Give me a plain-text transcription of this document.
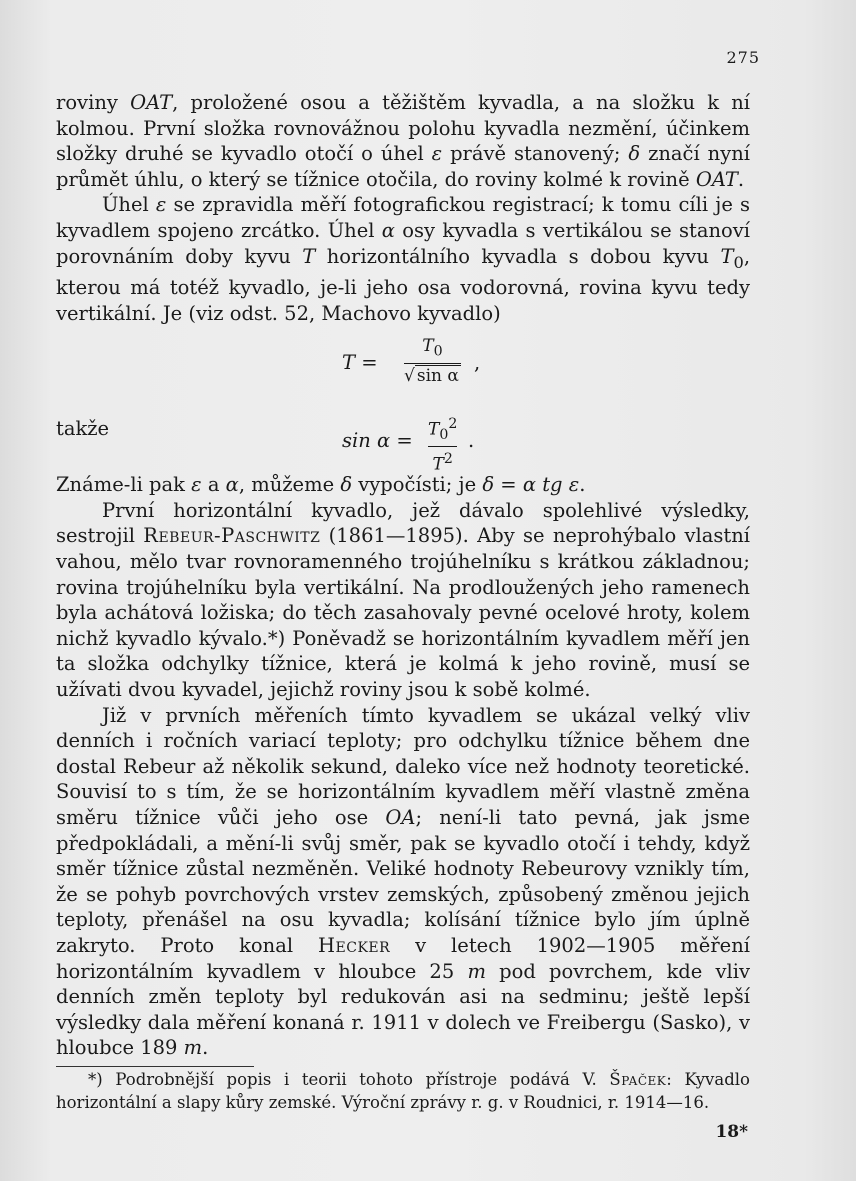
275

roviny OAT, proložené osou a těžištěm kyvadla, a na složku k ní kolmou. První složka rovnovážnou polohu kyvadla nezmění, účinkem složky druhé se kyvadlo otočí o úhel ε právě stanovený; δ značí nyní průmět úhlu, o který se tížnice otočila, do roviny kolmé k rovině OAT.

Úhel ε se zpravidla měří fotografickou registrací; k tomu cíli je s kyvadlem spojeno zrcátko. Úhel α osy kyvadla s vertikálou se stanoví porovnáním doby kyvu T horizontálního kyvadla s dobou kyvu $T_0$, kterou má totéž kyvadlo, je-li jeho osa vodorovná, rovina kyvu tedy vertikální. Je (viz odst. 52, Machovo kyvadlo)

T =
$T_0$
√ sin α
,
takže
$\sin \alpha = T_0^2$
$T^2$
.

Známe-li pak ε a α, můžeme δ vypočísti; je δ = α tg ε.

První horizontální kyvadlo, jež dávalo spolehlivé výsledky, sestrojil Rebeur-Paschwitz (1861—1895). Aby se neprohýbalo vlastní vahou, mělo tvar rovnoramenného trojúhelníku s krátkou základnou; rovina trojúhelníku byla vertikální. Na prodloužených jeho ramenech byla achátová ložiska; do těch zasahovaly pevné ocelové hroty, kolem nichž kyvadlo kývalo.*) Poněvadž se horizontálním kyvadlem měří jen ta složka odchylky tížnice, která je kolmá k jeho rovině, musí se užívati dvou kyvadel, jejichž roviny jsou k sobě kolmé.

Již v prvních měřeních tímto kyvadlem se ukázal velký vliv denních i ročních variací teploty; pro odchylku tížnice během dne dostal Rebeur až několik sekund, daleko více než hodnoty teoretické. Souvisí to s tím, že se horizontálním kyvadlem měří vlastně změna směru tížnice vůči jeho ose OA; není-li tato pevná, jak jsme předpokládali, a mění-li svůj směr, pak se kyvadlo otočí i tehdy, když směr tížnice zůstal nezměněn. Veliké hodnoty Rebeurovy vznikly tím, že se pohyb povrchových vrstev zemských, způsobený změnou jejich teploty, přenášel na osu kyvadla; kolísání tížnice bylo jím úplně zakryto. Proto konal Hecker v letech 1902—1905 měření horizontálním kyvadlem v hloubce 25 m pod povrchem, kde vliv denních změn teploty byl redukován asi na sedminu; ještě lepší výsledky dala měření konaná r. 1911 v dolech ve Freibergu (Sasko), v hloubce 189 m.

*) Podrobnější popis i teorii tohoto přístroje podává V. Špaček: Kyvadlo horizontální a slapy kůry zemské. Výroční zprávy r. g. v Roudnici, r. 1914—16.

18*
